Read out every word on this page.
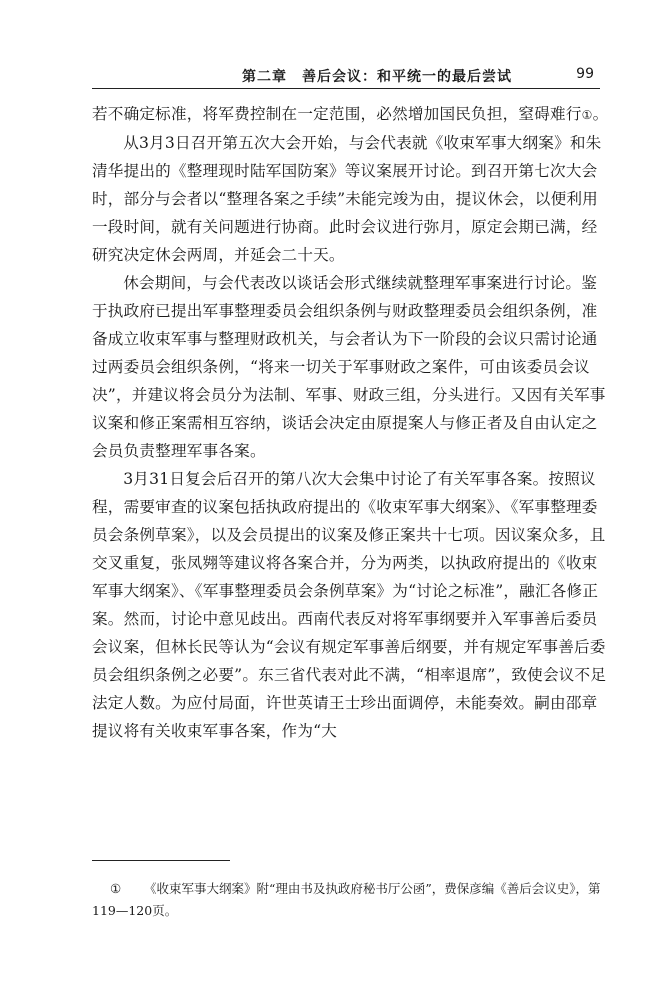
第二章　善后会议：和平统一的最后尝试	99

若不确定标准，将军费控制在一定范围，必然增加国民负担，窒碍难行①。

从3月3日召开第五次大会开始，与会代表就《收束军事大纲案》和朱清华提出的《整理现时陆军国防案》等议案展开讨论。到召开第七次大会时，部分与会者以“整理各案之手续”未能完竣为由，提议休会，以便利用一段时间，就有关问题进行协商。此时会议进行弥月，原定会期已满，经研究决定休会两周，并延会二十天。

休会期间，与会代表改以谈话会形式继续就整理军事案进行讨论。鉴于执政府已提出军事整理委员会组织条例与财政整理委员会组织条例，准备成立收束军事与整理财政机关，与会者认为下一阶段的会议只需讨论通过两委员会组织条例，“将来一切关于军事财政之案件，可由该委员会议决”，并建议将会员分为法制、军事、财政三组，分头进行。又因有关军事议案和修正案需相互容纳，谈话会决定由原提案人与修正者及自由认定之会员负责整理军事各案。

3月31日复会后召开的第八次大会集中讨论了有关军事各案。按照议程，需要审查的议案包括执政府提出的《收束军事大纲案》、《军事整理委员会条例草案》，以及会员提出的议案及修正案共十七项。因议案众多，且交叉重复，张凤翙等建议将各案合并，分为两类，以执政府提出的《收束军事大纲案》、《军事整理委员会条例草案》为“讨论之标准”，融汇各修正案。然而，讨论中意见歧出。西南代表反对将军事纲要并入军事善后委员会议案，但林长民等认为“会议有规定军事善后纲要，并有规定军事善后委员会组织条例之必要”。东三省代表对此不满，“相率退席”，致使会议不足法定人数。为应付局面，许世英请王士珍出面调停，未能奏效。嗣由邵章提议将有关收束军事各案，作为“大

① 《收束军事大纲案》附“理由书及执政府秘书厅公函”，费保彦编《善后会议史》，第119—120页。
